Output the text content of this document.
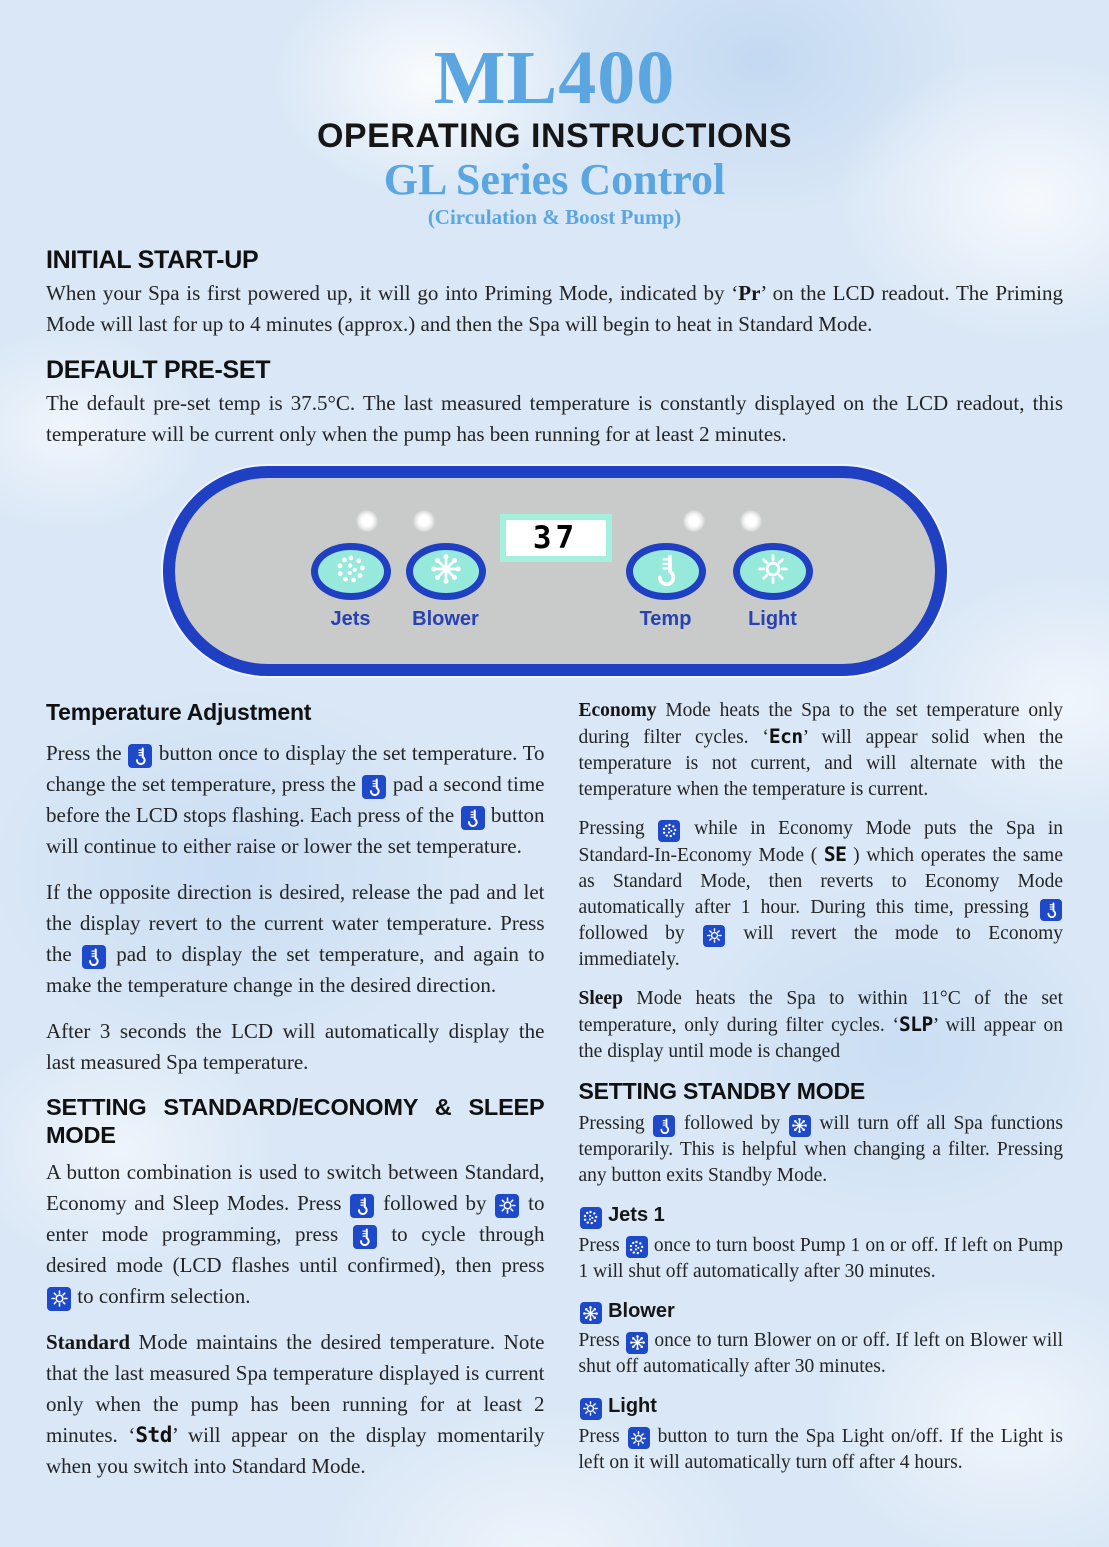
ML400
OPERATING INSTRUCTIONS
GL Series Control
(Circulation & Boost Pump)
INITIAL START-UP

When your Spa is first powered up, it will go into Priming Mode, indicated by ‘Pr’ on the LCD readout. The Priming Mode will last for up to 4 minutes (approx.) and then the Spa will begin to heat in Standard Mode.

DEFAULT PRE-SET

The default pre-set temp is 37.5°C. The last measured temperature is constantly displayed on the LCD readout, this temperature will be current only when the pump has been running for at least 2 minutes.

37
Jets	Blower	Temp	Light
Temperature Adjustment

Press the
button once to display the set temperature. To change the set temperature, press the
pad a second time before the LCD stops flashing. Each press of the
button will continue to either raise or lower the set temperature.

If the opposite direction is desired, release the pad and let the display revert to the current water temperature. Press the
pad to display the set temperature, and again to make the temperature change in the desired direction.

After 3 seconds the LCD will automatically display the last measured Spa temperature.

SETTING STANDARD/ECONOMY & SLEEP MODE

A button combination is used to switch between Standard, Economy and Sleep Modes. Press
followed by
to enter mode programming, press
to cycle through desired mode (LCD flashes until confirmed), then press
to confirm selection.

Standard Mode maintains the desired temperature. Note that the last measured Spa temperature displayed is current only when the pump has been running for at least 2 minutes. ‘Std’ will appear on the display momentarily when you switch into Standard Mode.

Economy Mode heats the Spa to the set temperature only during filter cycles. ‘Ecn’ will appear solid when the temperature is not current, and will alternate with the temperature when the temperature is current.

Pressing
while in Economy Mode puts the Spa in Standard-In-Economy Mode ( SE ) which operates the same as Standard Mode, then reverts to Economy Mode automatically after 1 hour. During this time, pressing
followed by
will revert the mode to Economy immediately.

Sleep Mode heats the Spa to within 11°C of the set temperature, only during filter cycles. ‘SLP’ will appear on the display until mode is changed

SETTING STANDBY MODE

Pressing
followed by
will turn off all Spa functions temporarily. This is helpful when changing a filter. Pressing any button exits Standby Mode.

Jets 1

Press
once to turn boost Pump 1 on or off. If left on Pump 1 will shut off automatically after 30 minutes.

Blower

Press
once to turn Blower on or off. If left on Blower will shut off automatically after 30 minutes.

Light

Press
button to turn the Spa Light on/off. If the Light is left on it will automatically turn off after 4 hours.
